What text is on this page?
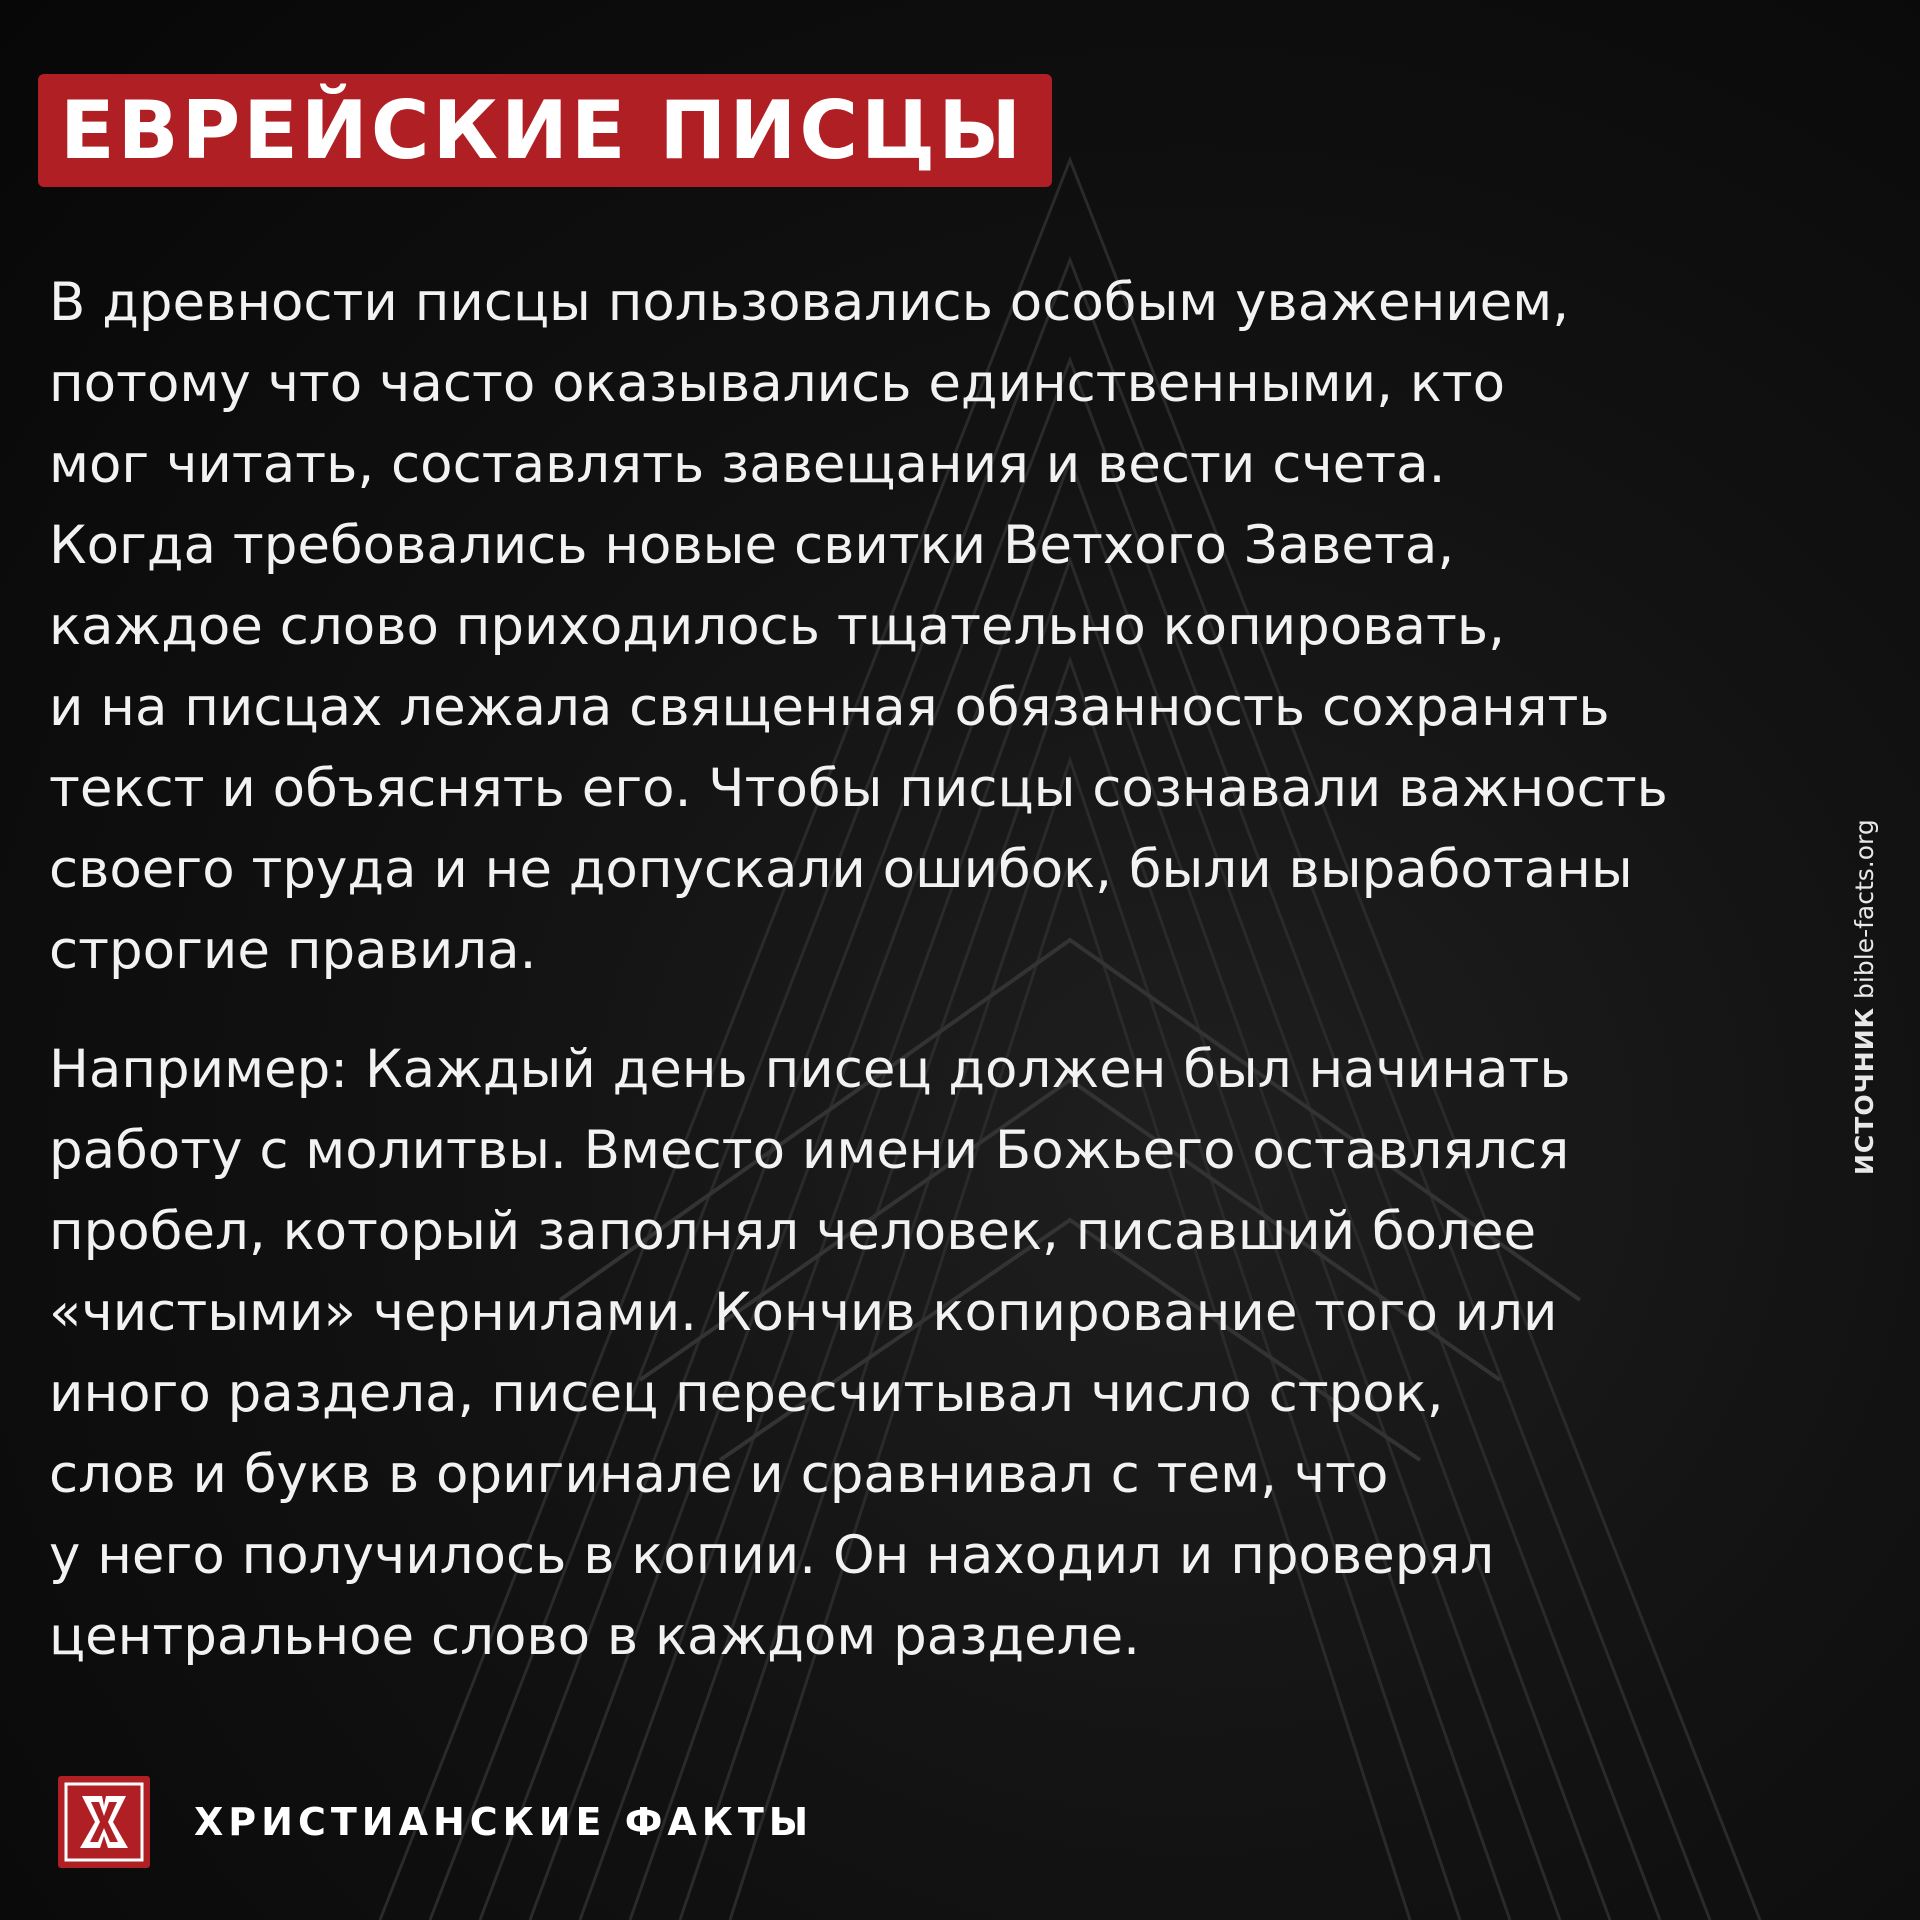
ЕВРЕЙСКИЕ ПИСЦЫ

В древности писцы пользовались особым уважением,
потому что часто оказывались единственными, кто
мог читать, составлять завещания и вести счета.
Когда требовались новые свитки Ветхого Завета,
каждое слово приходилось тщательно копировать,
и на писцах лежала священная обязанность сохранять
текст и объяснять его. Чтобы писцы сознавали важность
своего труда и не допускали ошибок, были выработаны
строгие правила.

Например: Каждый день писец должен был начинать
работу с молитвы. Вместо имени Божьего оставлялся
пробел, который заполнял человек, писавший более
«чистыми» чернилами. Кончив копирование того или
иного раздела, писец пересчитывал число строк,
слов и букв в оригинале и сравнивал с тем, что
у него получилось в копии. Он находил и проверял
центральное слово в каждом разделе.

ИСТОЧНИКbible-facts.org
ХРИСТИАНСКИЕ ФАКТЫ
